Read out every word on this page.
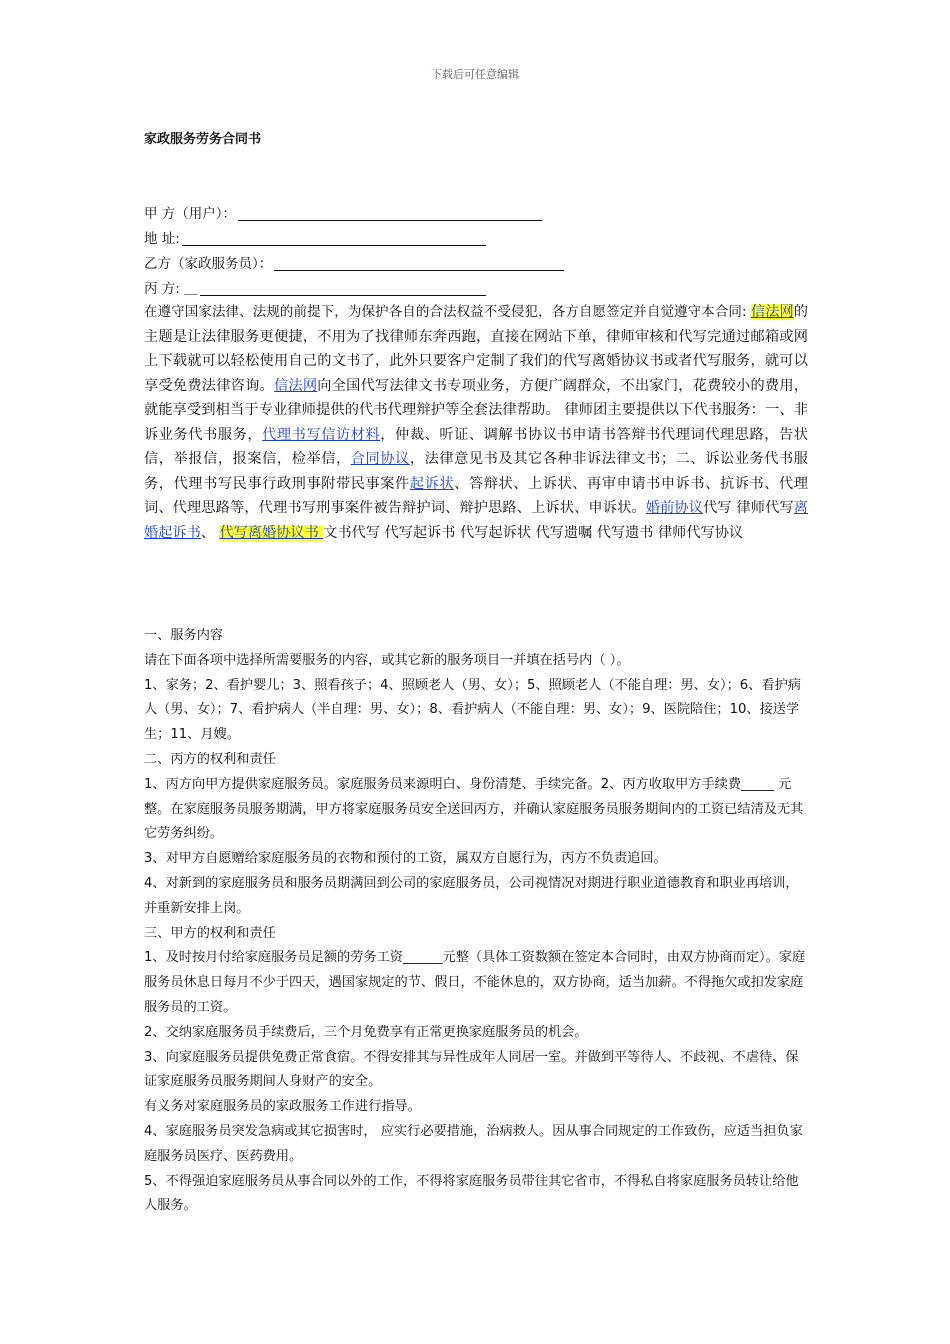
下载后可任意编辑
家政服务劳务合同书
甲 方（用户）：
地 址:
乙方（家政服务员）：
丙 方: ＿
在遵守国家法律、法规的前提下，为保护各自的合法权益不受侵犯，各方自愿签定并自觉遵守本合同: 信法网的主题是让法律服务更便捷，不用为了找律师东奔西跑，直接在网站下单，律师审核和代写完通过邮箱或网上下载就可以轻松使用自己的文书了，此外只要客户定制了我们的代写离婚协议书或者代写服务，就可以享受免费法律咨询。信法网向全国代写法律文书专项业务，方便广阔群众，不出家门，花费较小的费用，就能享受到相当于专业律师提供的代书代理辩护等全套法律帮助。 律师团主要提供以下代书服务：一、非诉业务代书服务，代理书写信访材料，仲裁、听证、调解书协议书申请书答辩书代理词代理思路，告状信，举报信，报案信，检举信，合同协议，法律意见书及其它各种非诉法律文书；二、诉讼业务代书服务，代理书写民事行政刑事附带民事案件起诉状、答辩状、上诉状、再审申请书申诉书、抗诉书、代理词、代理思路等，代理书写刑事案件被告辩护词、辩护思路、上诉状、申诉状。婚前协议代写 律师代写离婚起诉书、 代写离婚协议书 文书代写 代写起诉书 代写起诉状 代写遗嘱 代写遗书 律师代写协议

一、服务内容

请在下面各项中选择所需要服务的内容，或其它新的服务项目一并填在括号内（ ）。

1、家务；2、看护婴儿；3、照看孩子；4、照顾老人（男、女）；5、照顾老人（不能自理：男、女）；6、看护病人（男、女）；7、看护病人（半自理：男、女）；8、看护病人（不能自理：男、女）；9、医院陪住；10、接送学生；11、月嫂。

二、丙方的权利和责任

1、丙方向甲方提供家庭服务员。家庭服务员来源明白、身份清楚、手续完备。2、丙方收取甲方手续费_____ 元整。在家庭服务员服务期满，甲方将家庭服务员安全送回丙方，并确认家庭服务员服务期间内的工资已结清及无其它劳务纠纷。

3、对甲方自愿赠给家庭服务员的衣物和预付的工资，属双方自愿行为，丙方不负责追回。

4、对新到的家庭服务员和服务员期满回到公司的家庭服务员，公司视情况对期进行职业道德教育和职业再培训，并重新安排上岗。

三、甲方的权利和责任

1、及时按月付给家庭服务员足额的劳务工资______元整（具体工资数额在签定本合同时，由双方协商而定）。家庭服务员休息日每月不少于四天，遇国家规定的节、假日，不能休息的，双方协商，适当加薪。不得拖欠或扣发家庭服务员的工资。

2、交纳家庭服务员手续费后，三个月免费享有正常更换家庭服务员的机会。

3、向家庭服务员提供免费正常食宿。不得安排其与异性成年人同居一室。并做到平等待人、不歧视、不虐待、保证家庭服务员服务期间人身财产的安全。

有义务对家庭服务员的家政服务工作进行指导。

4、家庭服务员突发急病或其它损害时， 应实行必要措施，治病救人。因从事合同规定的工作致伤，应适当担负家庭服务员医疗、医药费用。

5、不得强迫家庭服务员从事合同以外的工作，不得将家庭服务员带往其它省市，不得私自将家庭服务员转让给他人服务。
